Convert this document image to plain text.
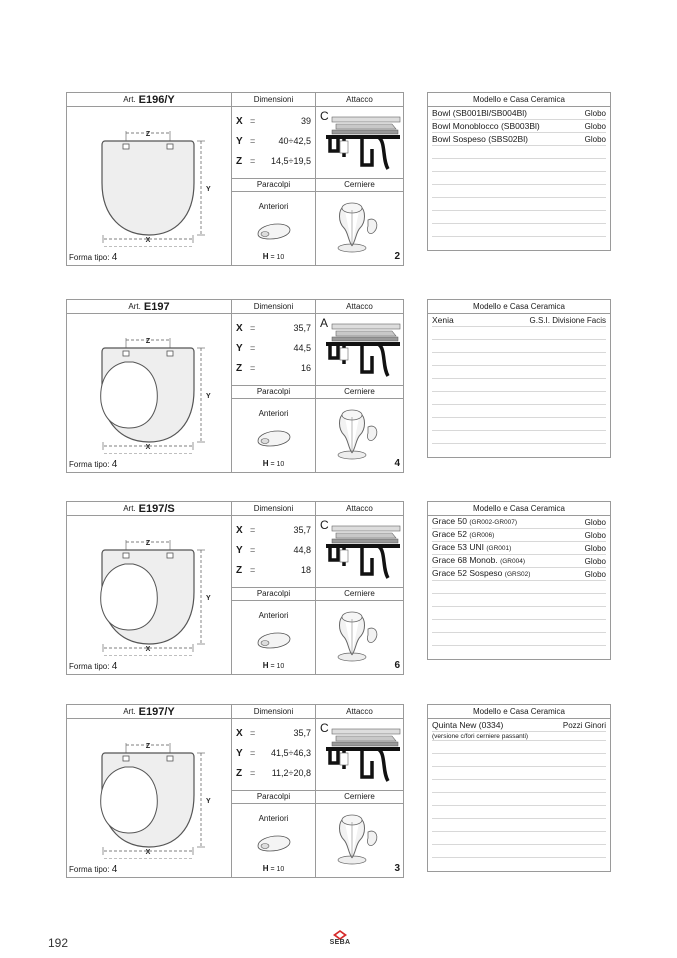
Art. E196/Y	Dimensioni	Attacco
Z
X
Y
Forma tipo: 4
X =	39
Y =	40÷42,5
Z =	14,5÷19,5
Paracolpi
Anteriori
H = 10
C
Cerniere
2
Modello e Casa Ceramica
Bowl (SB001Bl/SB004Bl)	Globo
Bowl Monoblocco (SB003Bl)	Globo
Bowl Sospeso (SBS02Bl)	Globo
Art. E197	Dimensioni	Attacco
Z
X
Y
Forma tipo: 4
X =	35,7
Y =	44,5
Z =	16
Paracolpi
Anteriori
H = 10
A
Cerniere
4
Modello e Casa Ceramica
Xenia	G.S.I. Divisione Facis
Art. E197/S	Dimensioni	Attacco
Z
X
Y
Forma tipo: 4
X =	35,7
Y =	44,8
Z =	18
Paracolpi
Anteriori
H = 10
C
Cerniere
6
Modello e Casa Ceramica
Grace 50 (GR002-GR007)	Globo
Grace 52 (GR006)	Globo
Grace 53 UNI (GR001)	Globo
Grace 68 Monob. (GR004)	Globo
Grace 52 Sospeso (GRS02)	Globo
Art. E197/Y	Dimensioni	Attacco
Z
X
Y
Forma tipo: 4
X =	35,7
Y =	41,5÷46,3
Z =	11,2÷20,8
Paracolpi
Anteriori
H = 10
C
Cerniere
3
Modello e Casa Ceramica
Quinta New (0334)	Pozzi Ginori
(versione c/fori cerniere passanti)
192	SEBA
